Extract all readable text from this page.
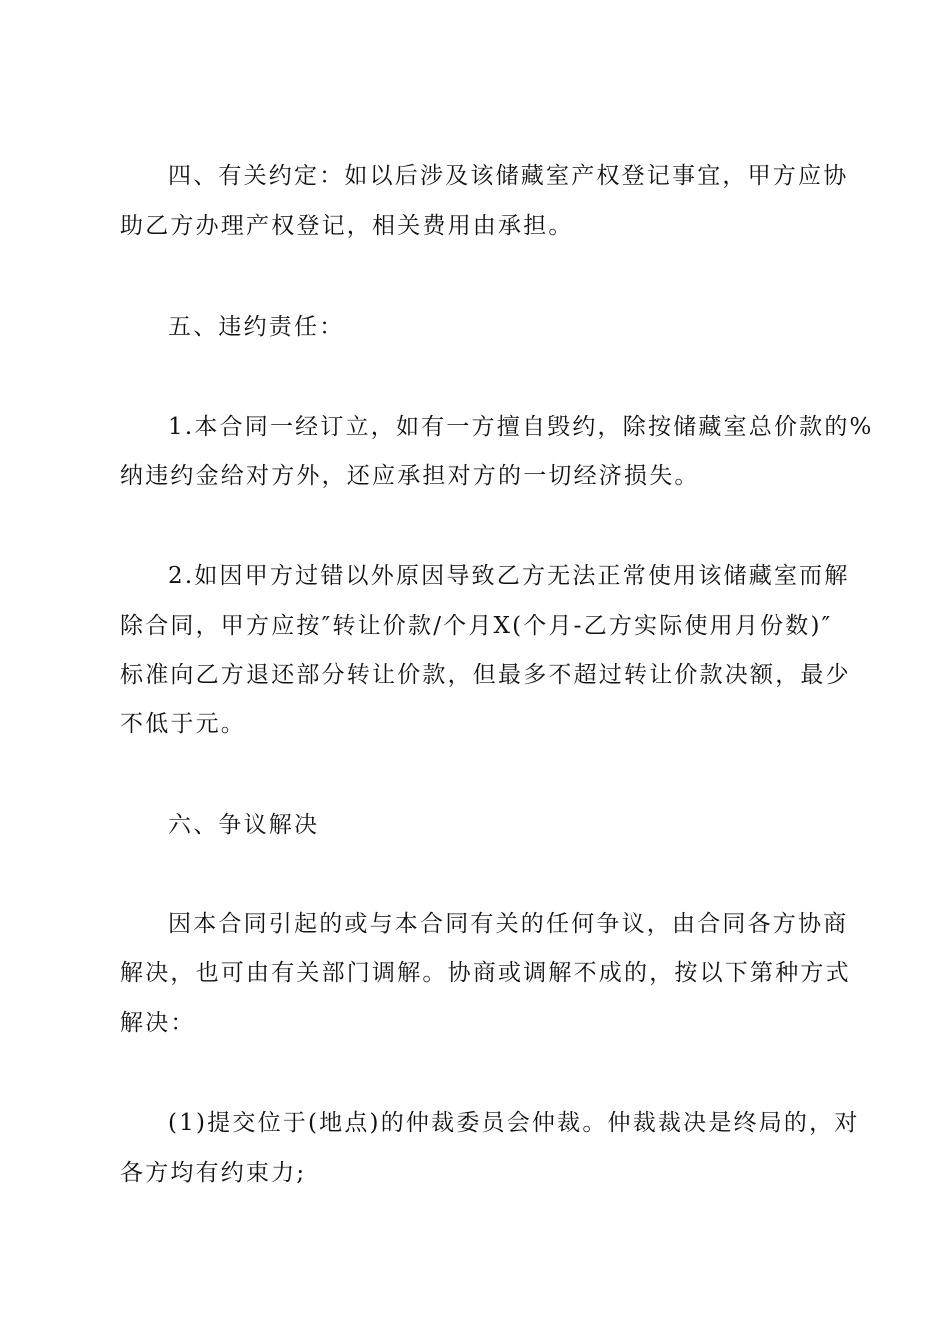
四、有关约定：如以后涉及该储藏室产权登记事宜，甲方应协
助乙方办理产权登记，相关费用由承担。
五、违约责任：
1.本合同一经订立，如有一方擅自毁约，除按储藏室总价款的%
纳违约金给对方外，还应承担对方的一切经济损失。
2.如因甲方过错以外原因导致乙方无法正常使用该储藏室而解
除合同，甲方应按″转让价款/个月X(个月-乙方实际使用月份数)″
标准向乙方退还部分转让价款，但最多不超过转让价款决额，最少
不低于元。
六、争议解决
因本合同引起的或与本合同有关的任何争议，由合同各方协商
解决，也可由有关部门调解。协商或调解不成的，按以下第种方式
解决：
(1)提交位于(地点)的仲裁委员会仲裁。仲裁裁决是终局的，对
各方均有约束力;
